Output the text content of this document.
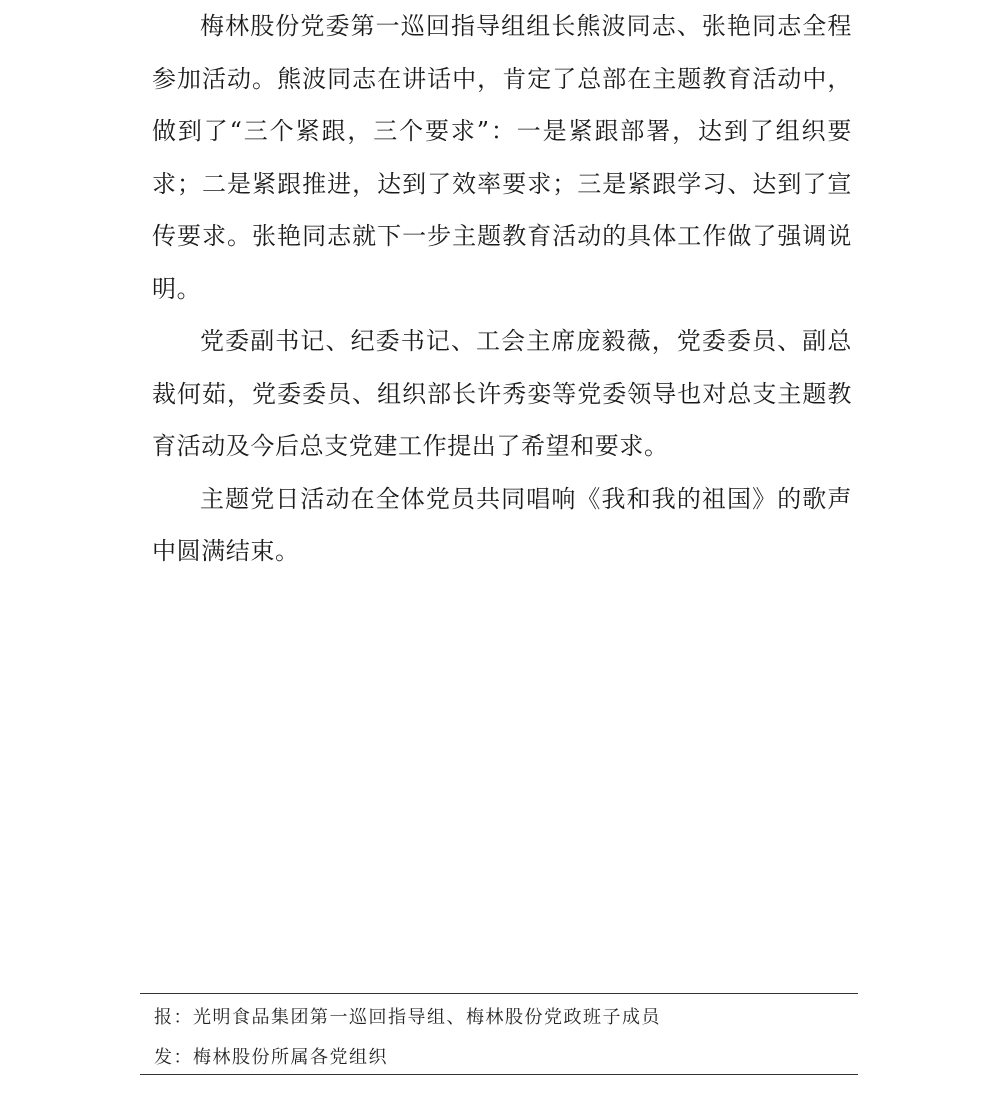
梅林股份党委第一巡回指导组组长熊波同志、张艳同志全程参加活动。熊波同志在讲话中，肯定了总部在主题教育活动中，做到了“三个紧跟，三个要求”：一是紧跟部署，达到了组织要求；二是紧跟推进，达到了效率要求；三是紧跟学习、达到了宣传要求。张艳同志就下一步主题教育活动的具体工作做了强调说明。

党委副书记、纪委书记、工会主席庞毅薇，党委委员、副总裁何茹，党委委员、组织部长许秀娈等党委领导也对总支主题教育活动及今后总支党建工作提出了希望和要求。

主题党日活动在全体党员共同唱响《我和我的祖国》的歌声中圆满结束。

报：光明食品集团第一巡回指导组、梅林股份党政班子成员
发：梅林股份所属各党组织
